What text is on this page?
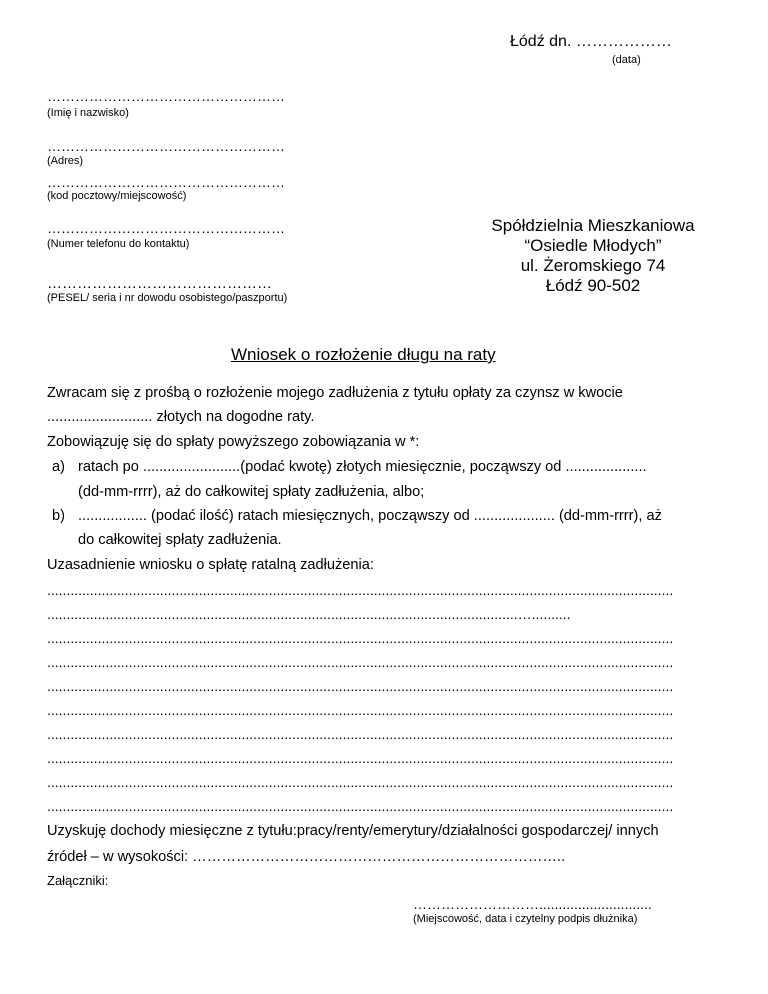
Łódź dn. ………………
(data)
……………………………………………
(Imię i nazwisko)
……………………………………………
(Adres)
……………………………………………
(kod pocztowy/miejscowość)
……………………………………………
(Numer telefonu do kontaktu)
………………………………………
(PESEL/ seria i nr dowodu osobistego/paszportu)
Spółdzielnia Mieszkaniowa
“Osiedle Młodych”
ul. Żeromskiego 74
Łódź 90-502
Wniosek o rozłożenie długu na raty
Zwracam się z prośbą o rozłożenie mojego zadłużenia z tytułu opłaty za czynsz w kwocie
.......................... złotych na dogodne raty.
Zobowiązuję się do spłaty powyższego zobowiązania w *:
a) ratach po ........................(podać kwotę) złotych miesięcznie, począwszy od ....................
(dd-mm-rrrr), aż do całkowitej spłaty zadłużenia, albo;
b) ................. (podać ilość) ratach miesięcznych, począwszy od .................... (dd-mm-rrrr), aż
do całkowitej spłaty zadłużenia.
Uzasadnienie wniosku o spłatę ratalną zadłużenia:
.................................................................................................................................................................
.........................................................................................................................…..........
.................................................................................................................................................................
.................................................................................................................................................................
.................................................................................................................................................................
.................................................................................................................................................................
.................................................................................................................................................................
.................................................................................................................................................................
.................................................................................................................................................................
.................................................................................................................................................................
Uzyskuję dochody miesięczne z tytułu:pracy/renty/emerytury/działalności gospodarczej/ innych
źródeł – w wysokości: …………………………………………………………………..
Załączniki:
……………………….............................
(Miejscowość, data i czytelny podpis dłużnika)
